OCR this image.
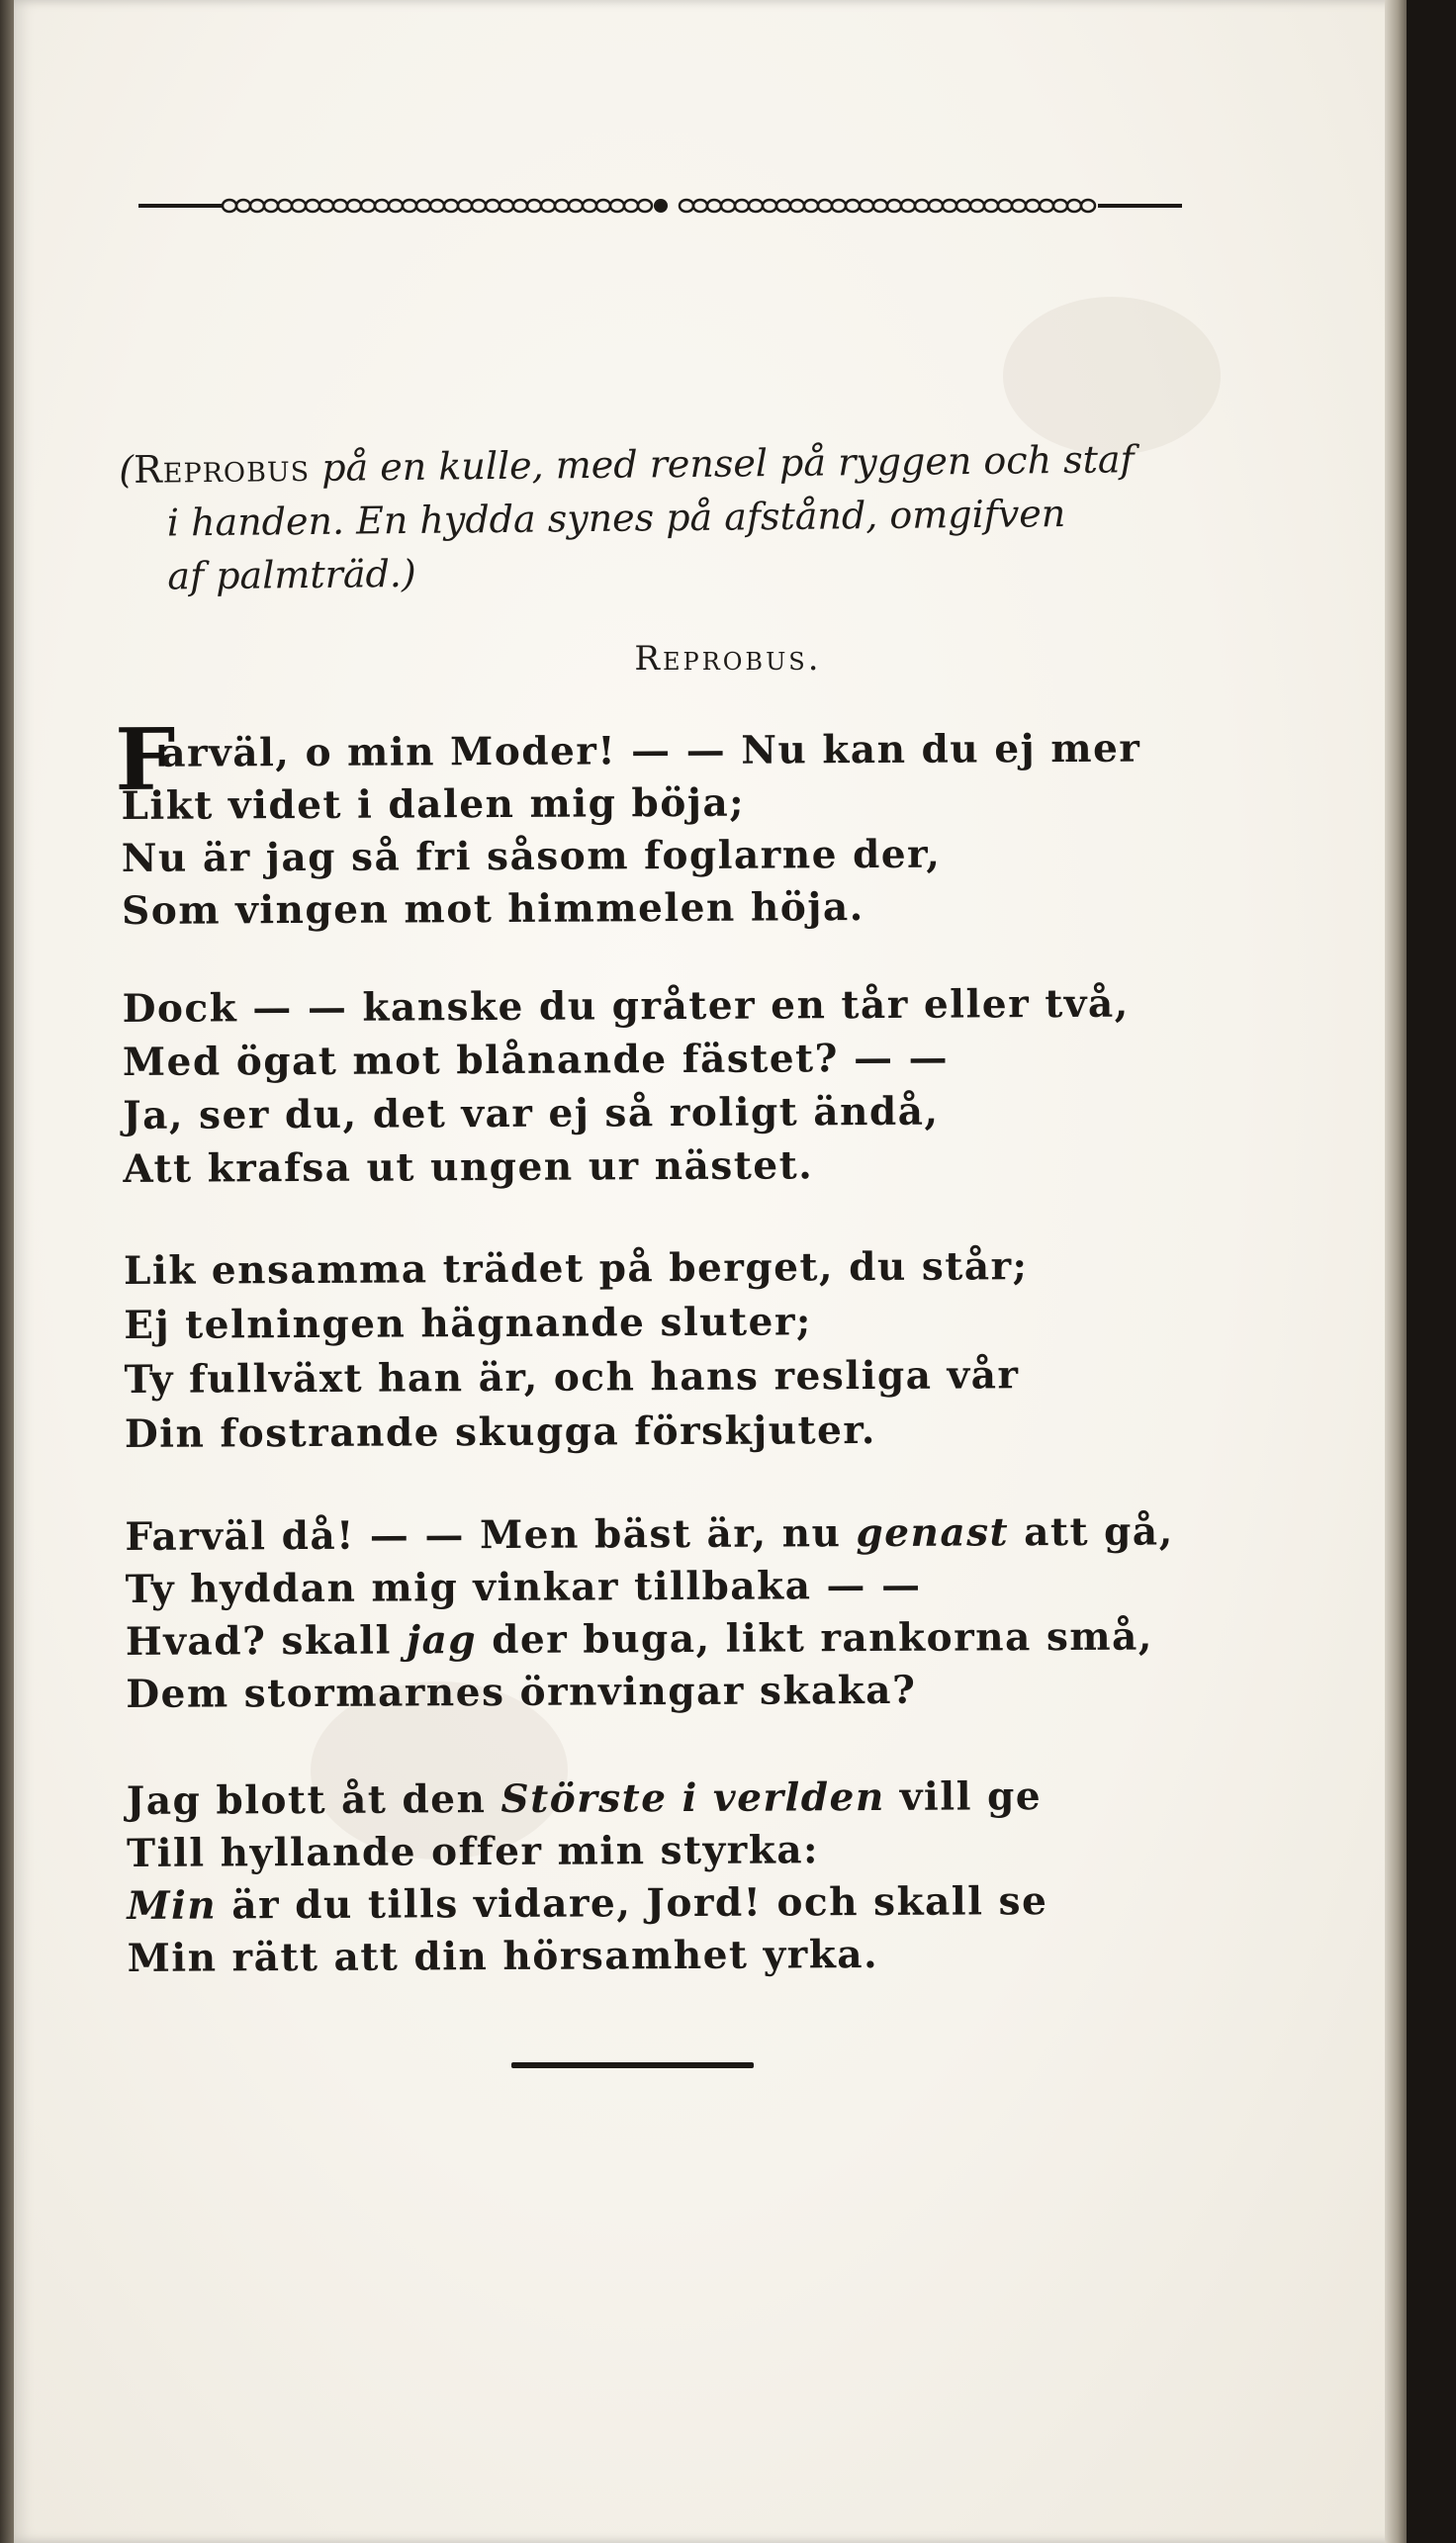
(Reprobus på en kulle, med rensel på ryggen och staf
i handen. En hydda synes på afstånd, omgifven
af palmträd.)
Reprobus.
F
arväl, o min Moder! — — Nu kan du ej mer
Likt videt i dalen mig böja;
Nu är jag så fri såsom foglarne der,
Som vingen mot himmelen höja.
Dock — — kanske du gråter en tår eller två,
Med ögat mot blånande fästet? — —
Ja, ser du, det var ej så roligt ändå,
Att krafsa ut ungen ur nästet.
Lik ensamma trädet på berget, du står;
Ej telningen hägnande sluter;
Ty fullväxt han är, och hans resliga vår
Din fostrande skugga förskjuter.
Farväl då! — — Men bäst är, nu genast att gå,
Ty hyddan mig vinkar tillbaka — —
Hvad? skall jag der buga, likt rankorna små,
Dem stormarnes örnvingar skaka?
Jag blott åt den Störste i verlden vill ge
Till hyllande offer min styrka:
Min är du tills vidare, Jord! och skall se
Min rätt att din hörsamhet yrka.
